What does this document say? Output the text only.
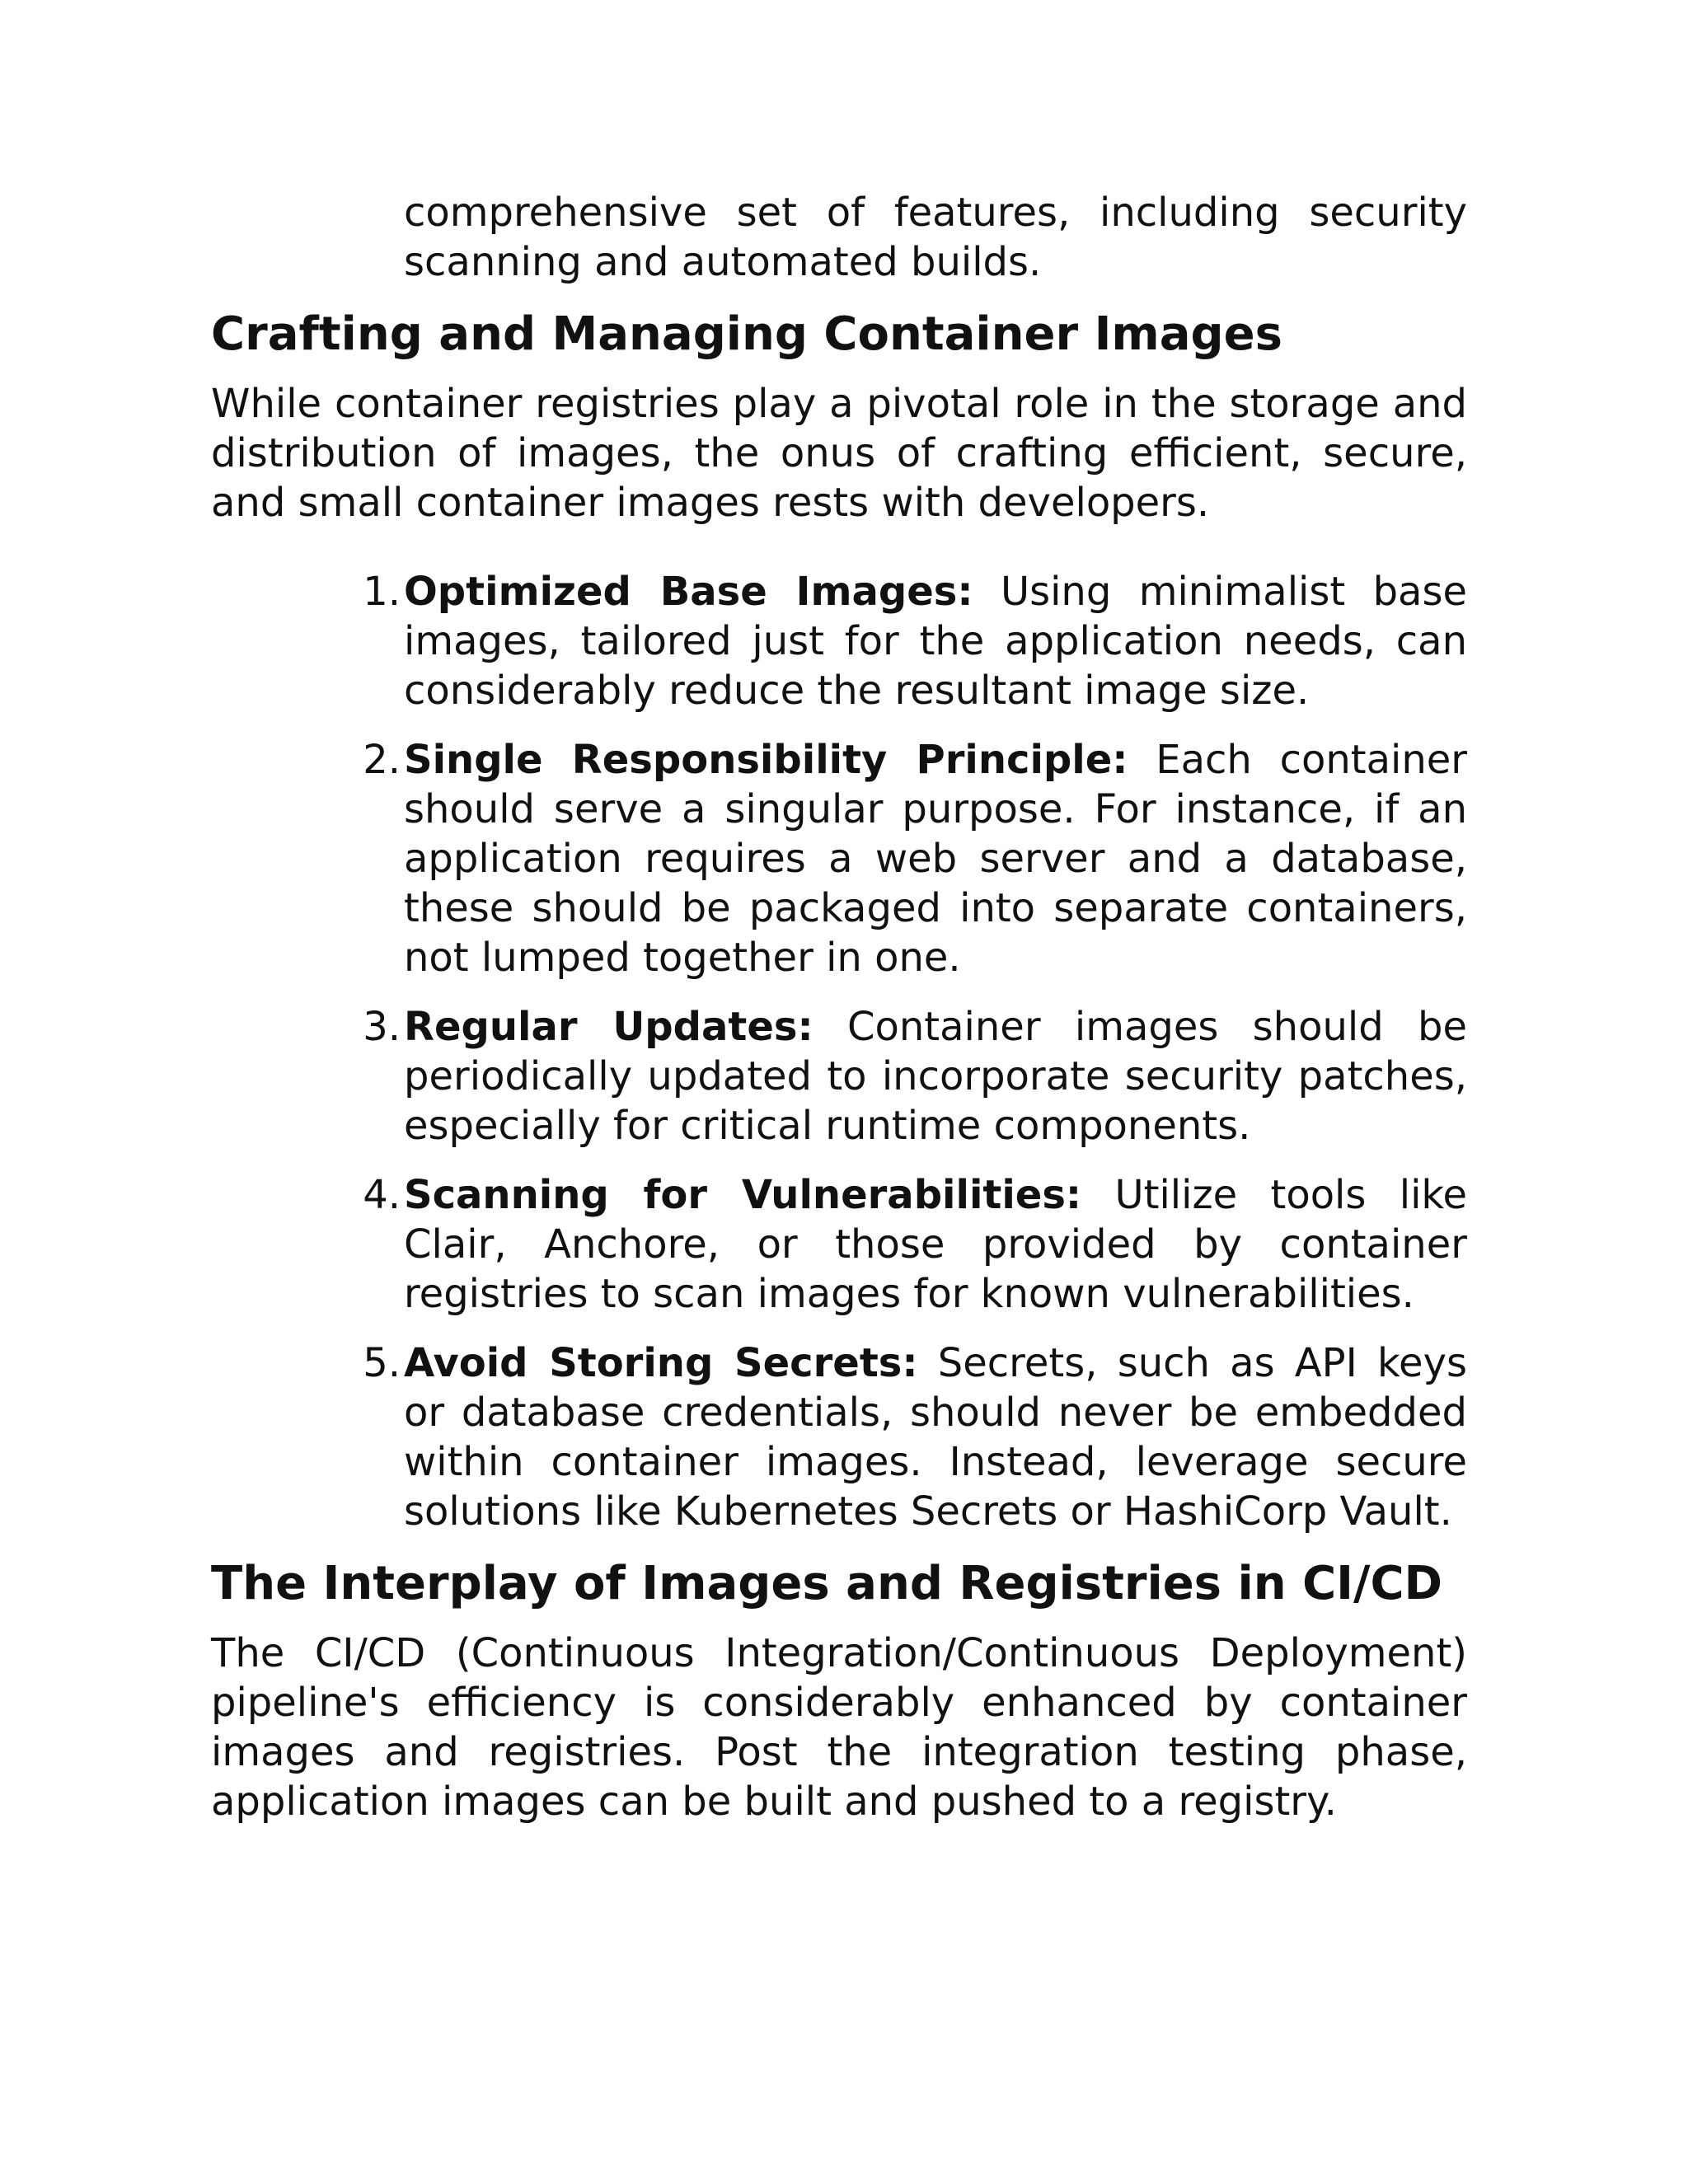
comprehensive set of features, including security scanning and automated builds.

Crafting and Managing Container Images

While container registries play a pivotal role in the storage and distribution of images, the onus of crafting efficient, secure, and small container images rests with developers.

1. Optimized Base Images: Using minimalist base images, tailored just for the application needs, can considerably reduce the resultant image size.
2. Single Responsibility Principle: Each container should serve a singular purpose. For instance, if an application requires a web server and a database, these should be packaged into separate containers, not lumped together in one.
3. Regular Updates: Container images should be periodically updated to incorporate security patches, especially for critical runtime components.
4. Scanning for Vulnerabilities: Utilize tools like Clair, Anchore, or those provided by container registries to scan images for known vulnerabilities.
5. Avoid Storing Secrets: Secrets, such as API keys or database credentials, should never be embedded within container images. Instead, leverage secure solutions like Kubernetes Secrets or HashiCorp Vault.
The Interplay of Images and Registries in CI/CD

The CI/CD (Continuous Integration/Continuous Deployment) pipeline's efficiency is considerably enhanced by container images and registries. Post the integration testing phase, application images can be built and pushed to a registry.
